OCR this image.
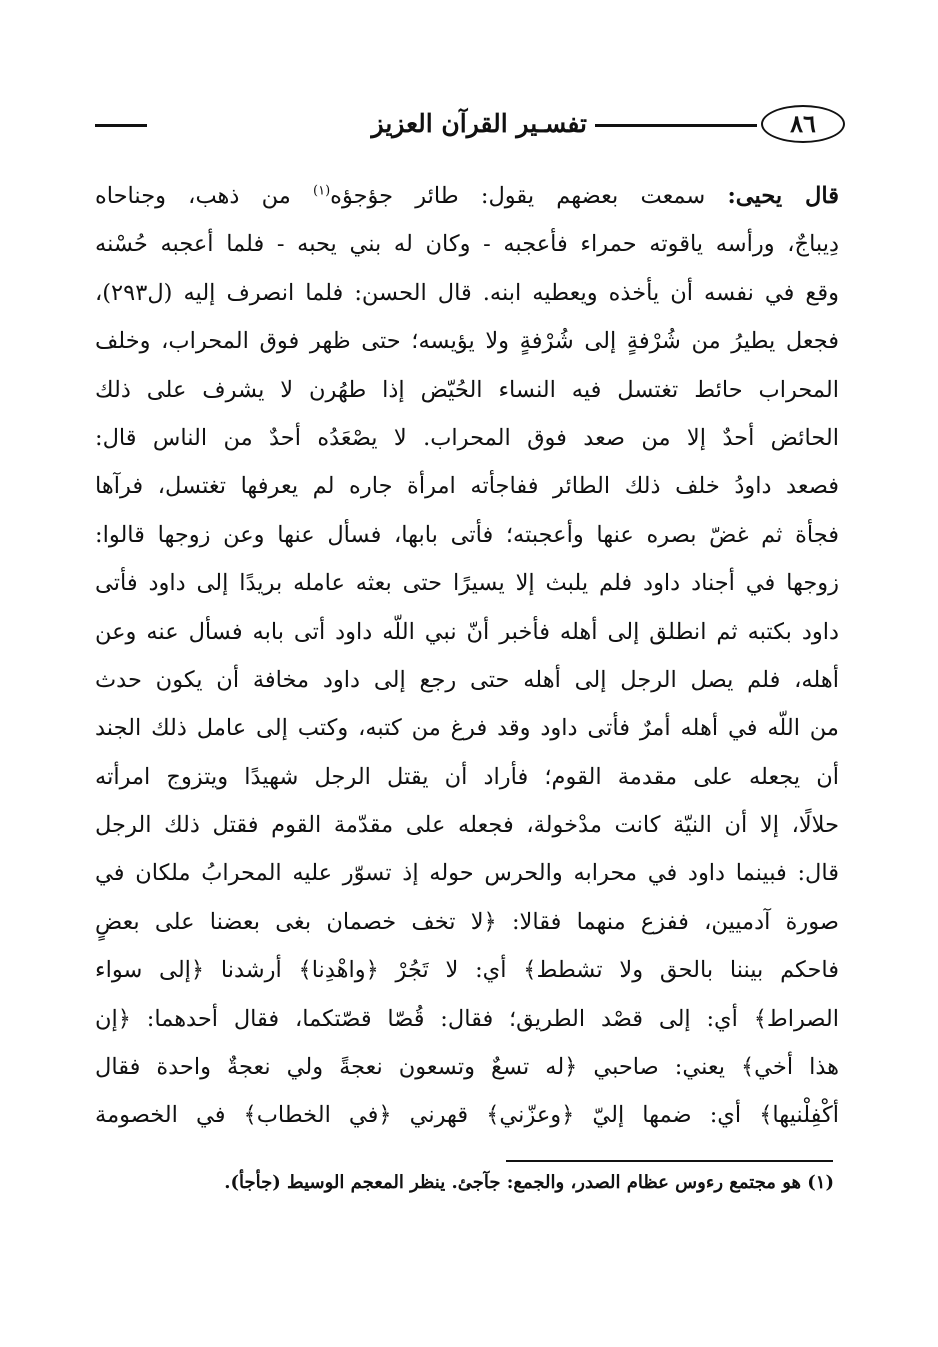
٨٦
تفسـير القرآن العزيز
قال يحيى: سمعت بعضهم يقول: طائر جؤجؤه$^{(١)}$ من ذهب، وجناحاه
دِيباجٌ، ورأسه ياقوته حمراء فأعجبه - وكان له بني يحبه - فلما أعجبه حُسْنه
وقع في نفسه أن يأخذه ويعطيه ابنه. قال الحسن: فلما انصرف إليه (ل٢٩٣)،
فجعل يطيرُ من شُرْفةٍ إلى شُرْفةٍ ولا يؤيسه؛ حتى ظهر فوق المحراب، وخلف
المحراب حائط تغتسل فيه النساء الحُيّض إذا طهُرن لا يشرف على ذلك
الحائض أحدٌ إلا من صعد فوق المحراب. لا يصْعَدُه أحدٌ من الناس قال:
فصعد داودُ خلف ذلك الطائر ففاجأته امرأة جاره لم يعرفها تغتسل، فرآها
فجأة ثم غضّ بصره عنها وأعجبته؛ فأتى بابها، فسأل عنها وعن زوجها قالوا:
زوجها في أجناد داود فلم يلبث إلا يسيرًا حتى بعثه عامله بريدًا إلى داود فأتى
داود بكتبه ثم انطلق إلى أهله فأخبر أنّ نبي اللّه داود أتى بابه فسأل عنه وعن
أهله، فلم يصل الرجل إلى أهله حتى رجع إلى داود مخافة أن يكون حدث
من اللّه في أهله أمرٌ فأتى داود وقد فرغ من كتبه، وكتب إلى عامل ذلك الجند
أن يجعله على مقدمة القوم؛ فأراد أن يقتل الرجل شهيدًا ويتزوج امرأته
حلالًا، إلا أن النيّة كانت مدْخولة، فجعله على مقدّمة القوم فقتل ذلك الرجل
قال: فبينما داود في محرابه والحرس حوله إذ تسوّر عليه المحرابُ ملكان في
صورة آدميين، ففزع منهما فقالا: ﴿لا تخف خصمان بغى بعضنا على بعضٍ
فاحكم بيننا بالحق ولا تشطط﴾ أي: لا تَجُرْ ﴿واهْدِنا﴾ أرشدنا ﴿إلى سواء
الصراط﴾ أي: إلى قصْد الطريق؛ فقال: قُصّا قصّتكما، فقال أحدهما: ﴿إن
هذا أخي﴾ يعني: صاحبي ﴿له تسعٌ وتسعون نعجةً ولي نعجةٌ واحدة فقال
أكْفِلْنيها﴾ أي: ضمها إليّ ﴿وعزّني﴾ قهرني ﴿في الخطاب﴾ في الخصومة
(١) هو مجتمع رءوس عظام الصدر، والجمع: جآجئ. ينظر المعجم الوسيط (جأجأ).
